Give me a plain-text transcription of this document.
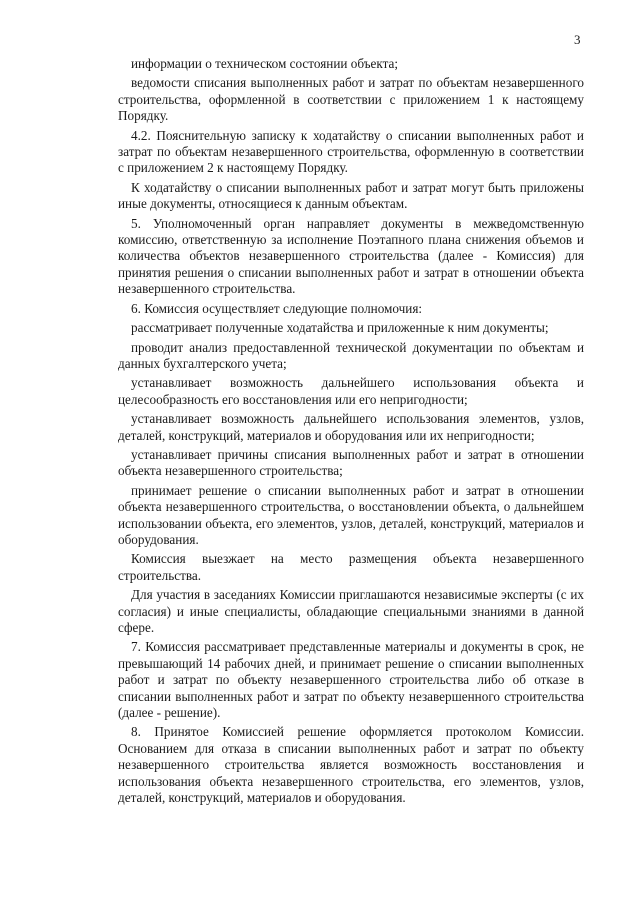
3

информации о техническом состоянии объекта;

ведомости списания выполненных работ и затрат по объектам незавершенного строительства, оформленной в соответствии с приложением 1 к настоящему Порядку.

4.2. Пояснительную записку к ходатайству о списании выполненных работ и затрат по объектам незавершенного строительства, оформленную в соответствии с приложением 2 к настоящему Порядку.

К ходатайству о списании выполненных работ и затрат могут быть приложены иные документы, относящиеся к данным объектам.

5. Уполномоченный орган направляет документы в межведомственную комиссию, ответственную за исполнение Поэтапного плана снижения объемов и количества объектов незавершенного строительства (далее - Комиссия) для принятия решения о списании выполненных работ и затрат в отношении объекта незавершенного строительства.

6. Комиссия осуществляет следующие полномочия:

рассматривает полученные ходатайства и приложенные к ним документы;

проводит анализ предоставленной технической документации по объектам и данных бухгалтерского учета;

устанавливает возможность дальнейшего использования объекта и целесообразность его восстановления или его непригодности;

устанавливает возможность дальнейшего использования элементов, узлов, деталей, конструкций, материалов и оборудования или их непригодности;

устанавливает причины списания выполненных работ и затрат в отношении объекта незавершенного строительства;

принимает решение о списании выполненных работ и затрат в отношении объекта незавершенного строительства, о восстановлении объекта, о дальнейшем использовании объекта, его элементов, узлов, деталей, конструкций, материалов и оборудования.

Комиссия выезжает на место размещения объекта незавершенного строительства.

Для участия в заседаниях Комиссии приглашаются независимые эксперты (с их согласия) и иные специалисты, обладающие специальными знаниями в данной сфере.

7. Комиссия рассматривает представленные материалы и документы в срок, не превышающий 14 рабочих дней, и принимает решение о списании выполненных работ и затрат по объекту незавершенного строительства либо об отказе в списании выполненных работ и затрат по объекту незавершенного строительства (далее - решение).

8. Принятое Комиссией решение оформляется протоколом Комиссии. Основанием для отказа в списании выполненных работ и затрат по объекту незавершенного строительства является возможность восстановления и использования объекта незавершенного строительства, его элементов, узлов, деталей, конструкций, материалов и оборудования.
